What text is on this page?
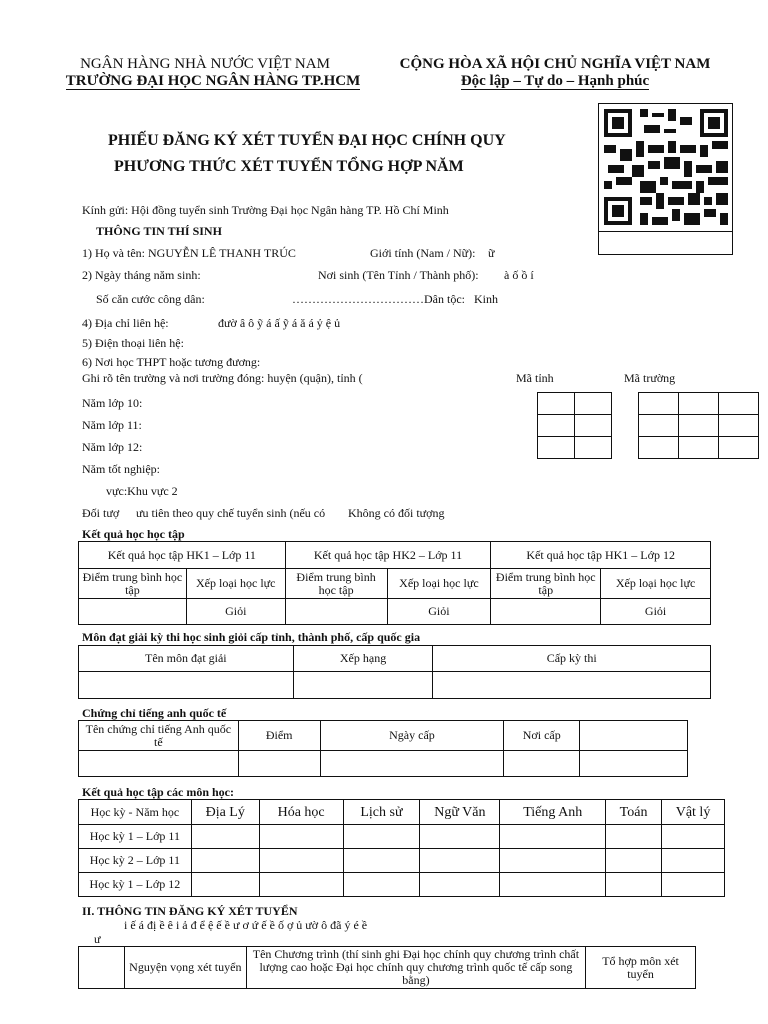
NGÂN HÀNG NHÀ NƯỚC VIỆT NAM
TRƯỜNG ĐẠI HỌC NGÂN HÀNG TP.HCM
CỘNG HÒA XÃ HỘI CHỦ NGHĨA VIỆT NAM
Độc lập – Tự do – Hạnh phúc
PHIẾU ĐĂNG KÝ XÉT TUYỂN ĐẠI HỌC CHÍNH QUY
PHƯƠNG THỨC XÉT TUYỂN TỔNG HỢP NĂM
Kính gửi: Hội đồng tuyển sinh Trường Đại học Ngân hàng TP. Hồ Chí Minh
THÔNG TIN THÍ SINH
1) Họ và tên: NGUYỄN LÊ THANH TRÚC	Giới tính (Nam / Nữ): ữ
2) Ngày tháng năm sinh:	Nơi sinh (Tên Tỉnh / Thành phố): à ố ồ í
Số căn cước công dân:	…………………………… Dân tộc: Kinh
4) Địa chỉ liên hệ:	đườ â ô ỹ á ấ ỹ á ă á ỷ ệ ủ
5) Điện thoại liên hệ:
6) Nơi học THPT hoặc tương đương:
Ghi rõ tên trường và nơi trường đóng: huyện (quận), tỉnh (	Mã tỉnh	Mã trường

Năm lớp 10:
Năm lớp 11:
Năm lớp 12:
Năm tốt nghiệp:
vực:Khu vực 2
Đối tượ ưu tiên theo quy chế tuyển sinh (nếu có Không có đối tượng
Kết quả học học tập
Kết quả học tập HK1 – Lớp 11		Kết quả học tập HK2 – Lớp 11		Kết quả học tập HK1 – Lớp 12	
Điểm trung bình học tập	Xếp loại học lực	Điểm trung bình học tập	Xếp loại học lực	Điểm trung bình học tập	Xếp loại học lực
	Giỏi		Giỏi		Giỏi
Môn đạt giải kỳ thi học sinh giỏi cấp tỉnh, thành phố, cấp quốc gia
Tên môn đạt giải	Xếp hạng	Cấp kỳ thi

Chứng chỉ tiếng anh quốc tế
Tên chứng chỉ tiếng Anh quốc tế	Điểm	Ngày cấp	Nơi cấp	

Kết quả học tập các môn học:
Học kỳ - Năm học	Địa Lý	Hóa học	Lịch sử	Ngữ Văn	Tiếng Anh	Toán	Vật lý
Học kỳ 1 – Lớp 11							
Học kỳ 2 – Lớp 11							
Học kỳ 1 – Lớp 12							
II. THÔNG TIN ĐĂNG KÝ XÉT TUYỂN
i ế á đị ề ê i ả đ ể ệ ế ề ư ơ ứ ế ề ố ợ ủ ườ ô đã ý é ề
ư
	Nguyện vọng xét tuyển	Tên Chương trình (thí sinh ghi Đại học chính quy chương trình chất lượng cao hoặc Đại học chính quy chương trình quốc tế cấp song bằng)	Tổ hợp môn xét tuyển
